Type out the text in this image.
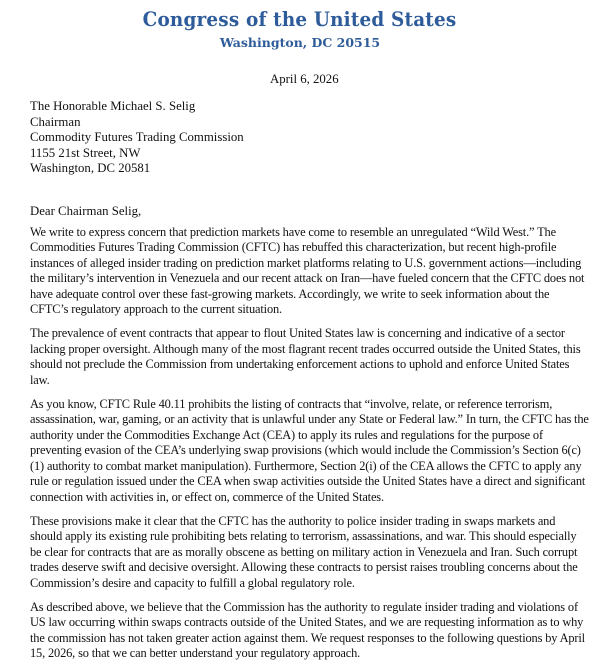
Congress of the United States
Washington, DC 20515
April 6, 2026
The Honorable Michael S. Selig
Chairman
Commodity Futures Trading Commission
1155 21st Street, NW
Washington, DC 20581
Dear Chairman Selig,

We write to express concern that prediction markets have come to resemble an unregulated “Wild West.” The Commodities Futures Trading Commission (CFTC) has rebuffed this characterization, but recent high-profile instances of alleged insider trading on prediction market platforms relating to U.S. government actions—including the military’s intervention in Venezuela and our recent attack on Iran—have fueled concern that the CFTC does not have adequate control over these fast-growing markets. Accordingly, we write to seek information about the CFTC’s regulatory approach to the current situation.

The prevalence of event contracts that appear to flout United States law is concerning and indicative of a sector lacking proper oversight. Although many of the most flagrant recent trades occurred outside the United States, this should not preclude the Commission from undertaking enforcement actions to uphold and enforce United States law.

As you know, CFTC Rule 40.11 prohibits the listing of contracts that “involve, relate, or reference terrorism, assassination, war, gaming, or an activity that is unlawful under any State or Federal law.” In turn, the CFTC has the authority under the Commodities Exchange Act (CEA) to apply its rules and regulations for the purpose of preventing evasion of the CEA’s underlying swap provisions (which would include the Commission’s Section 6(c)(1) authority to combat market manipulation). Furthermore, Section 2(i) of the CEA allows the CFTC to apply any rule or regulation issued under the CEA when swap activities outside the United States have a direct and significant connection with activities in, or effect on, commerce of the United States.

These provisions make it clear that the CFTC has the authority to police insider trading in swaps markets and should apply its existing rule prohibiting bets relating to terrorism, assassinations, and war. This should especially be clear for contracts that are as morally obscene as betting on military action in Venezuela and Iran. Such corrupt trades deserve swift and decisive oversight. Allowing these contracts to persist raises troubling concerns about the Commission’s desire and capacity to fulfill a global regulatory role.

As described above, we believe that the Commission has the authority to regulate insider trading and violations of US law occurring within swaps contracts outside of the United States, and we are requesting information as to why the commission has not taken greater action against them. We request responses to the following questions by April 15, 2026, so that we can better understand your regulatory approach.
